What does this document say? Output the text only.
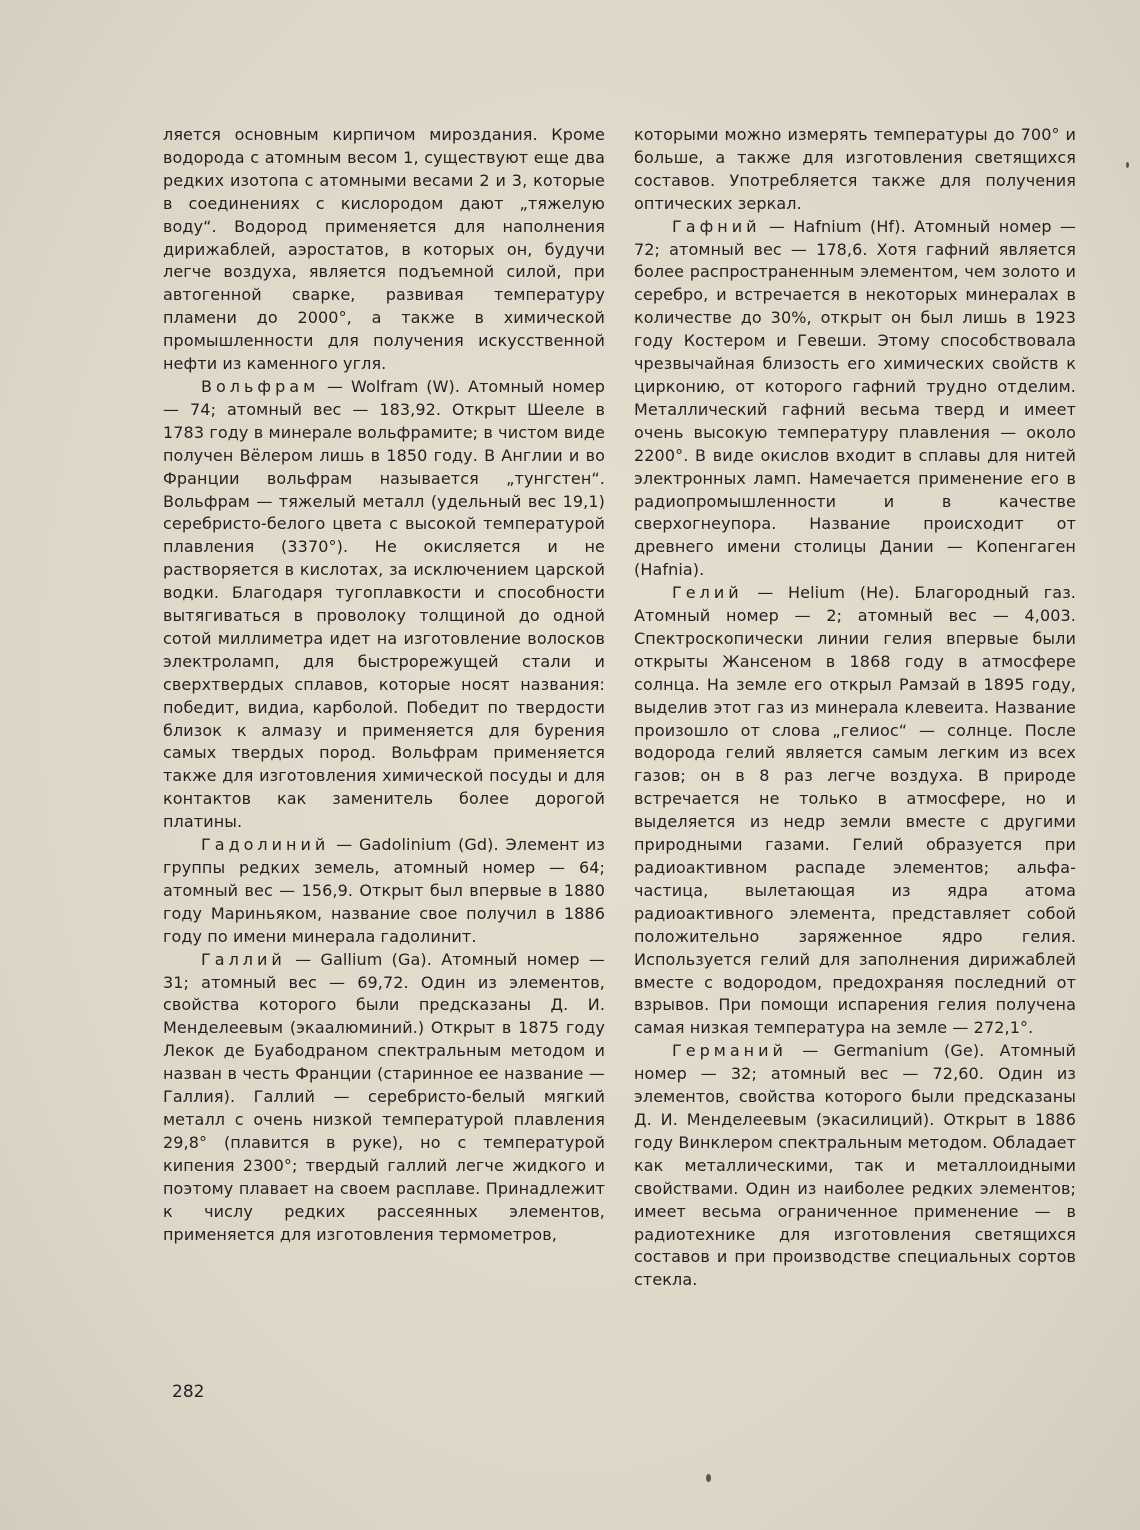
ляется основным кирпичом мироздания. Кроме водорода с атомным весом 1, существуют еще два редких изотопа с атомными весами 2 и 3, которые в соединениях с кислородом дают „тяжелую воду“. Водород применяется для наполнения дирижаблей, аэростатов, в которых он, будучи легче воздуха, является подъемной силой, при автогенной сварке, развивая температуру пламени до 2000°, а также в химической промышленности для получения искусственной нефти из каменного угля.

Вольфрам — Wolfram (W). Атомный номер — 74; атомный вес — 183,92. Открыт Шееле в 1783 году в минерале вольфрамите; в чистом виде получен Вёлером лишь в 1850 году. В Англии и во Франции вольфрам называется „тунгстен“. Вольфрам — тяжелый металл (удельный вес 19,1) серебристо-белого цвета с высокой температурой плавления (3370°). Не окисляется и не растворяется в кислотах, за исключением царской водки. Благодаря тугоплавкости и способности вытягиваться в проволоку толщиной до одной сотой миллиметра идет на изготовление волосков электроламп, для быстрорежущей стали и сверхтвердых сплавов, которые носят названия: победит, видиа, карболой. Победит по твердости близок к алмазу и применяется для бурения самых твердых пород. Вольфрам применяется также для изготовления химической посуды и для контактов как заменитель более дорогой платины.

Гадолиний — Gadolinium (Gd). Элемент из группы редких земель, атомный номер — 64; атомный вес — 156,9. Открыт был впервые в 1880 году Мариньяком, название свое получил в 1886 году по имени минерала гадолинит.

Галлий — Gallium (Ga). Атомный номер — 31; атомный вес — 69,72. Один из элементов, свойства которого были предсказаны Д. И. Менделеевым (экаалюминий.) Открыт в 1875 году Лекок де Буабодраном спектральным методом и назван в честь Франции (старинное ее название — Галлия). Галлий — серебристо-белый мягкий металл с очень низкой температурой плавления 29,8° (плавится в руке), но с температурой кипения 2300°; твердый галлий легче жидкого и поэтому плавает на своем расплаве. Принадлежит к числу редких рассеянных элементов, применяется для изготовления термометров,

которыми можно измерять температуры до 700° и больше, а также для изготовления светящихся составов. Употребляется также для получения оптических зеркал.

Гафний — Hafnium (Hf). Атомный номер — 72; атомный вес — 178,6. Хотя гафний является более распространенным элементом, чем золото и серебро, и встречается в некоторых минералах в количестве до 30%, открыт он был лишь в 1923 году Костером и Гевеши. Этому способствовала чрезвычайная близость его химических свойств к цирконию, от которого гафний трудно отделим. Металлический гафний весьма тверд и имеет очень высокую температуру плавления — около 2200°. В виде окислов входит в сплавы для нитей электронных ламп. Намечается применение его в радиопромышленности и в качестве сверхогнеупора. Название происходит от древнего имени столицы Дании — Копенгаген (Hafnia).

Гелий — Helium (He). Благородный газ. Атомный номер — 2; атомный вес — 4,003. Спектроскопически линии гелия впервые были открыты Жансеном в 1868 году в атмосфере солнца. На земле его открыл Рамзай в 1895 году, выделив этот газ из минерала клевеита. Название произошло от слова „гелиос“ — солнце. После водорода гелий является самым легким из всех газов; он в 8 раз легче воздуха. В природе встречается не только в атмосфере, но и выделяется из недр земли вместе с другими природными газами. Гелий образуется при радиоактивном распаде элементов; альфа-частица, вылетающая из ядра атома радиоактивного элемента, представляет собой положительно заряженное ядро гелия. Используется гелий для заполнения дирижаблей вместе с водородом, предохраняя последний от взрывов. При помощи испарения гелия получена самая низкая температура на земле — 272,1°.

Германий — Germanium (Ge). Атомный номер — 32; атомный вес — 72,60. Один из элементов, свойства которого были предсказаны Д. И. Менделеевым (экасилиций). Открыт в 1886 году Винклером спектральным методом. Обладает как металлическими, так и металлоидными свойствами. Один из наиболее редких элементов; имеет весьма ограниченное применение — в радиотехнике для изготовления светящихся составов и при производстве специальных сортов стекла.

282
